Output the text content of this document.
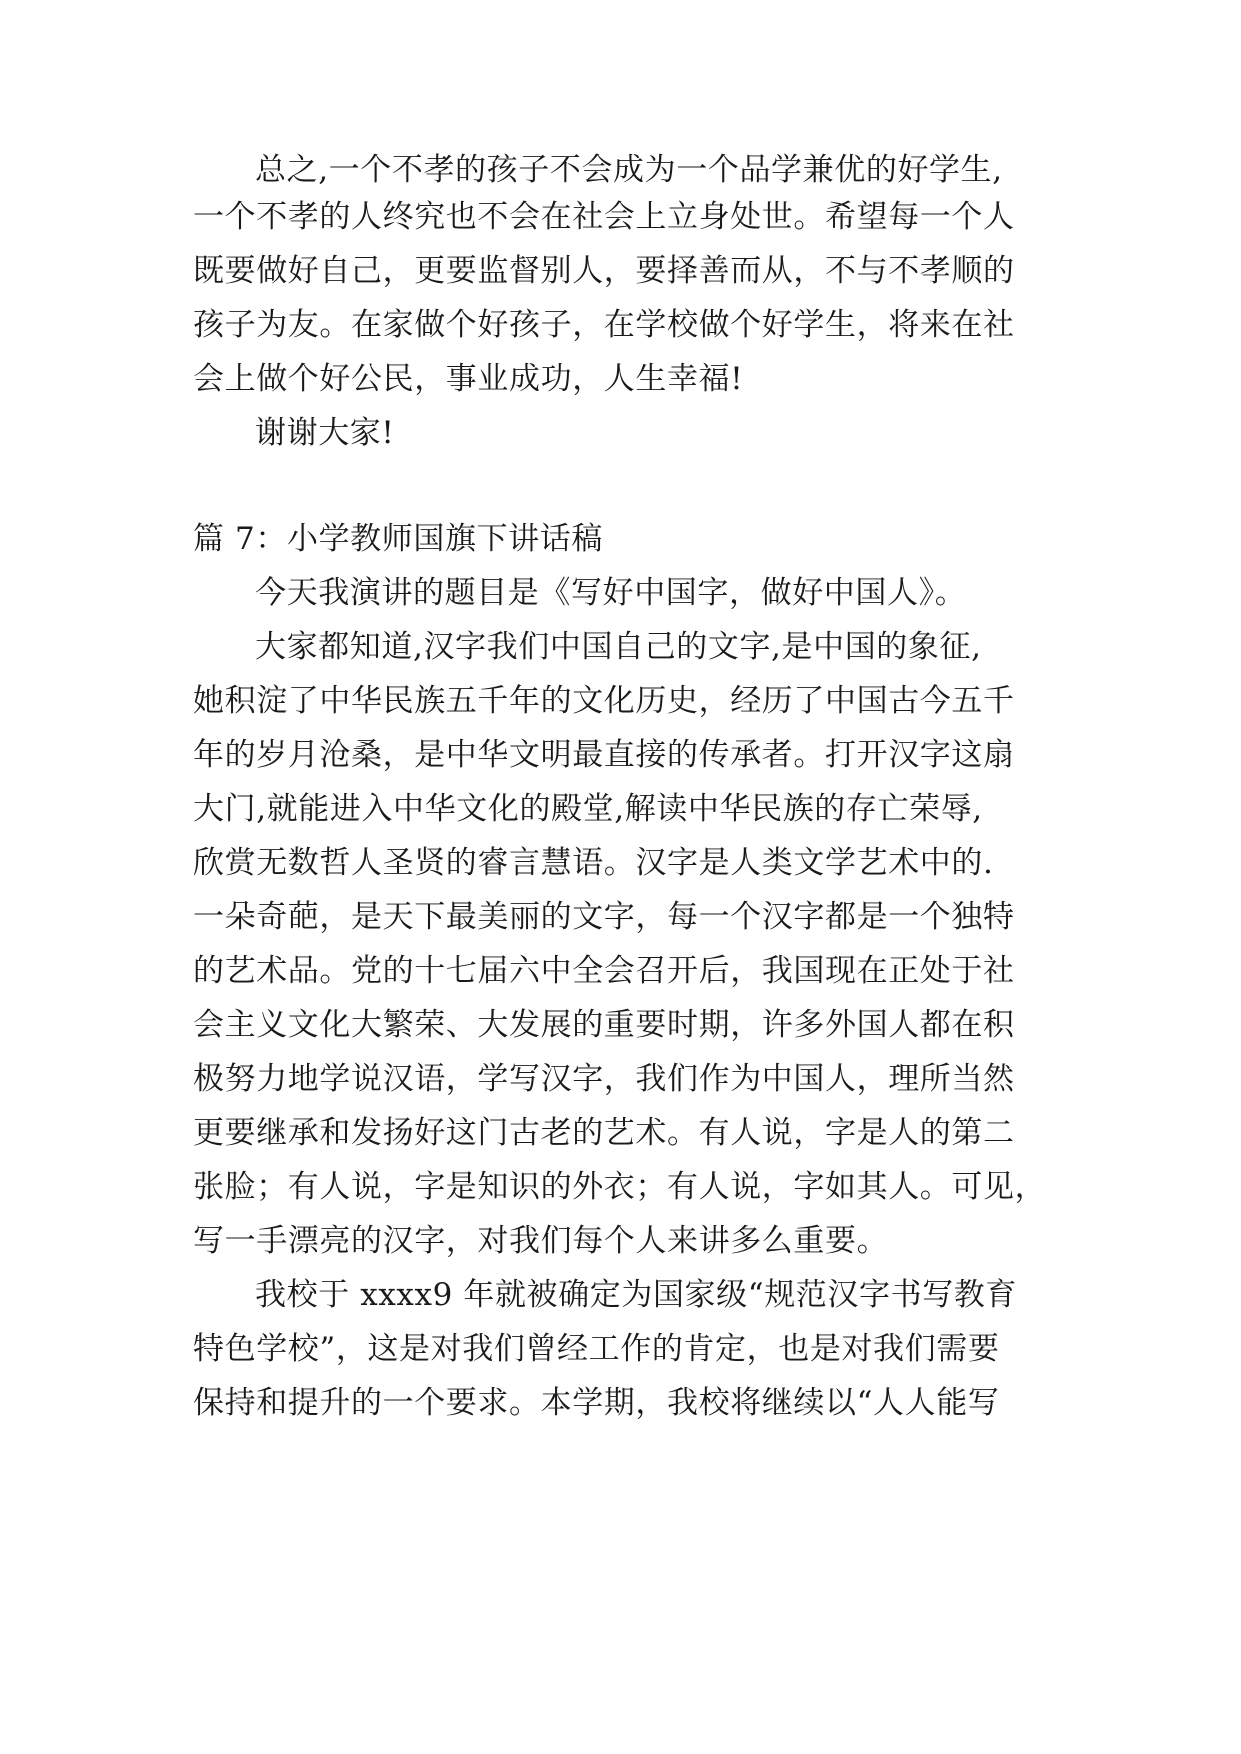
总之,一个不孝的孩子不会成为一个品学兼优的好学生,
一个不孝的人终究也不会在社会上立身处世。希望每一个人
既要做好自己，更要监督别人，要择善而从，不与不孝顺的
孩子为友。在家做个好孩子，在学校做个好学生，将来在社
会上做个好公民，事业成功，人生幸福!
谢谢大家!
篇 7：小学教师国旗下讲话稿
今天我演讲的题目是《写好中国字，做好中国人》。
大家都知道,汉字我们中国自己的文字,是中国的象征,
她积淀了中华民族五千年的文化历史，经历了中国古今五千
年的岁月沧桑，是中华文明最直接的传承者。打开汉字这扇
大门,就能进入中华文化的殿堂,解读中华民族的存亡荣辱,
欣赏无数哲人圣贤的睿言慧语。汉字是人类文学艺术中的.
一朵奇葩，是天下最美丽的文字，每一个汉字都是一个独特
的艺术品。党的十七届六中全会召开后，我国现在正处于社
会主义文化大繁荣、大发展的重要时期，许多外国人都在积
极努力地学说汉语，学写汉字，我们作为中国人，理所当然
更要继承和发扬好这门古老的艺术。有人说，字是人的第二
张脸；有人说，字是知识的外衣；有人说，字如其人。可见，
写一手漂亮的汉字，对我们每个人来讲多么重要。
我校于 xxxx9 年就被确定为国家级“规范汉字书写教育
特色学校”，这是对我们曾经工作的肯定，也是对我们需要
保持和提升的一个要求。本学期，我校将继续以“人人能写
